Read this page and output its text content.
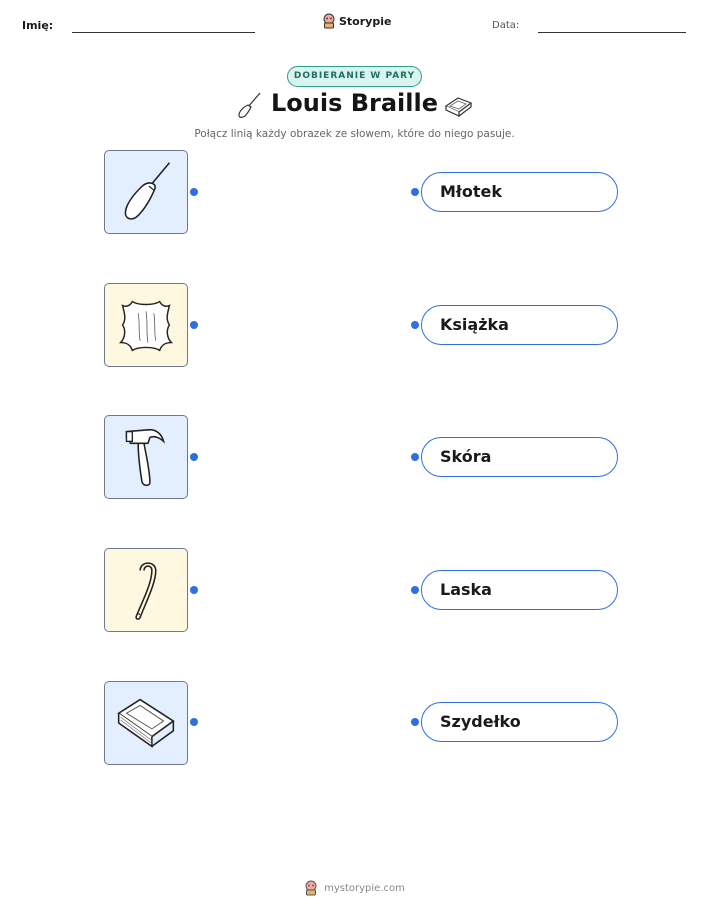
Imię:	Storypie	Data:
DOBIERANIE W PARY
Louis Braille
Połącz linią każdy obrazek ze słowem, które do niego pasuje.
Młotek
Książka
Skóra
Laska
Szydełko
mystorypie.com
